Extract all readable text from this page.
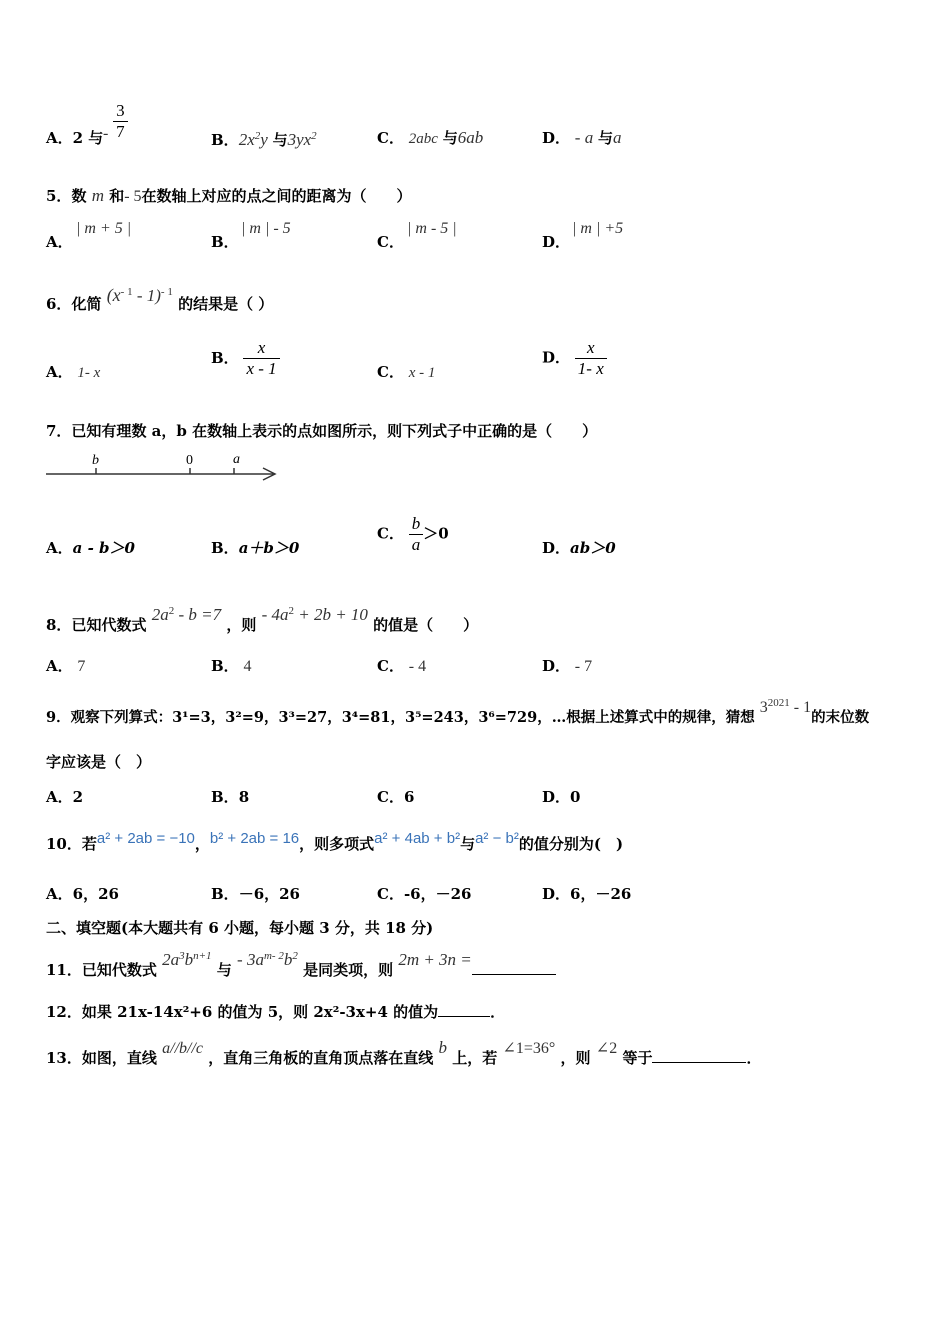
A．2 与 - $\frac{3}{7}$	B．$2x^2y$ 与$3yx^2$	C． 2abc 与6ab	D． - a 与a
5．数 m 和- 5在数轴上对应的点之间的距离为（　　）
A．
| m + 5 |
B．
| m | - 5
C．
| m - 5 |
D．
| m | +5
6．化简 $(x^{- 1} - 1)^{- 1}$ 的结果是（ ）
A． 1- x
B． $\frac{x}{x - 1}$	C． x - 1
D． $\frac{x}{1- x}$
7．已知有理数 a，b 在数轴上表示的点如图所示，则下列式子中正确的是（　　）
b	0	a
A．a - b＞0	B．a＋b＞0
C． $\frac{b}{a} >0$
D．ab＞0
8．已知代数式 $2a^2 - b =7$ ，则 - $4a^2 + 2b + 10$ 的值是（　　）
A． 7	B． 4	C． - 4	D． - 7
9．观察下列算式：3¹=3，3²=9，3³=27，3⁴=81，3⁵=243，3⁶=729，…根据上述算式中的规律，猜想 $3^{2021} - 1$的末位数
字应该是（　）
A．2	B．8	C．6	D．0
10．若a² + 2ab = −10，b² + 2ab = 16，则多项式a² + 4ab + b²与a² − b²的值分别为(　)
A．6，26	B．－6，26	C．-6，－26	D．6，－26
二、填空题(本大题共有 6 小题，每小题 3 分，共 18 分)
11．已知代数式 $2a^3b^{n+1}$ 与 - $3a^{m- 2}b^2$ 是同类项，则 2m + 3n =
12．如果 21x-14x²+6 的值为 5，则 2x²-3x+4 的值为	．
13．如图，直线 a//b//c ，直角三角板的直角顶点落在直线 b 上，若 ∠1=36° ，则 ∠2 等于	．
